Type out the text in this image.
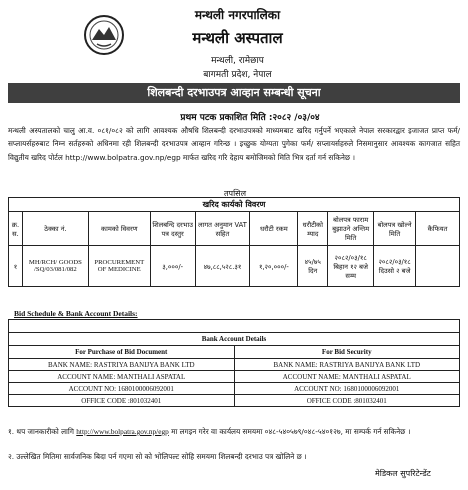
मन्थली नगरपालिका
मन्थली अस्पताल
मन्थली, रामेछाप
बागमती प्रदेश, नेपाल
शिलबन्दी दरभाउपत्र आव्हान सम्बन्धी सूचना
प्रथम पटक प्रकाशित मिति :२०८२ /०३/०४
मन्थली अस्पतालको चालु आ.व. ०८१/०८२ को लागि आवश्यक औषधि शिलबन्दी दरभाउपत्रको माध्यमबाट खरिद गर्नुपर्ने भएकाले नेपाल सरकारद्वार इजाजत प्राप्त फर्म/सप्लायर्सहरुबाट निम्न सर्तहरुको अधिनमा रही शिलबन्दी दरभाउपत्र आव्हान गरिन्छ । इच्छुक योग्यता पुगेका फर्म/ सप्लायर्सहरुले निसमानुसार आवश्यक कागजात सहित विद्युतीय खरिद पोर्टल http://www.bolpatra.gov.np/egp मार्फत खरिद गरि देहाय बमोजिमको मिति भित्र दर्ता गर्न सकिनेछ ।
तपसिल
खरिद कार्यको विवरण									
क्र. स.	ठेक्का नं.	कामको विवरण	शिलबन्दि दरभाउ पत्र दस्तुर	लागत अनुमान VAT सहित	धरौटी रकम	धरौटीको म्याद	बोलपत्र फाराम बुझाउने अन्तिम मिति	बोलपत्र खोल्ने मिति	कैफियत
१	MH/RCH/ GOODS /SQ/03/081/082	PROCUREMENT OF MEDICINE	३,०००/-	४७,८८,५२८.३१	१,२०,०००/-	४५/७५ दिन	२०८२/०३/१८ बिहान १२ बजे सम्म	२०८२/०३/१८ दिउसो २ बजे	
Bid Schedule & Bank Account Details:

Bank Account Details	
For Purchase of Bid Document	For Bid Security
BANK NAME: RASTRIYA BANIJYA BANK LTD	BANK NAME: RASTRIYA BANIJYA BANK LTD
ACCOUNT NAME: MANTHALI ASPATAL	ACCOUNT NAME: MANTHALI ASPATAL
ACCOUNT NO: 1680100006092001	ACCOUNT NO: 1680100006092001
OFFICE CODE :801032401	OFFICE CODE :801032401
१. थप जानकारीको लागि http://www.bolpatra.gov.np/egp मा लगइन गरेर वा कार्यलय समयमा ०४८-५४०५७९/०४८-५४०१२७, मा सम्पर्क गर्न सकिनेछ ।
२. उल्लेखित मितिमा सार्वजनिक बिदा पर्न गएमा सो को भोलिपल्ट सोहि समयमा शिलबन्दी दरभाउ पत्र खोलिने छ ।
मेडिकल सुपरिटेन्डेंट
